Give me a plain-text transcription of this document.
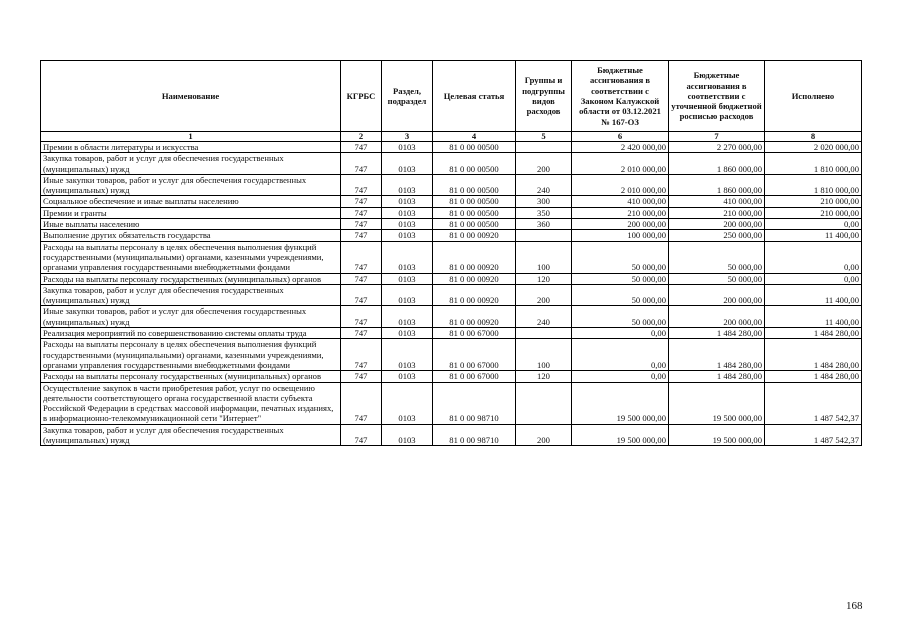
Наименование	КГРБС	Раздел, подраздел	Целевая статья	Группы и подгруппы видов расходов	Бюджетные ассигнования в соответствии с Законом Калужской области от 03.12.2021 № 167-ОЗ	Бюджетные ассигнования в соответствии с уточненной бюджетной росписью расходов	Исполнено
1	2	3	4	5	6	7	8
Премии в области литературы и искусства	747	0103	81 0 00 00500		2 420 000,00	2 270 000,00	2 020 000,00
Закупка товаров, работ и услуг для обеспечения государственных (муниципальных) нужд	747	0103	81 0 00 00500	200	2 010 000,00	1 860 000,00	1 810 000,00
Иные закупки товаров, работ и услуг для обеспечения государственных (муниципальных) нужд	747	0103	81 0 00 00500	240	2 010 000,00	1 860 000,00	1 810 000,00
Социальное обеспечение и иные выплаты населению	747	0103	81 0 00 00500	300	410 000,00	410 000,00	210 000,00
Премии и гранты	747	0103	81 0 00 00500	350	210 000,00	210 000,00	210 000,00
Иные выплаты населению	747	0103	81 0 00 00500	360	200 000,00	200 000,00	0,00
Выполнение других обязательств государства	747	0103	81 0 00 00920		100 000,00	250 000,00	11 400,00
Расходы на выплаты персоналу в целях обеспечения выполнения функций государственными (муниципальными) органами, казенными учреждениями, органами управления государственными внебюджетными фондами	747	0103	81 0 00 00920	100	50 000,00	50 000,00	0,00
Расходы на выплаты персоналу государственных (муниципальных) органов	747	0103	81 0 00 00920	120	50 000,00	50 000,00	0,00
Закупка товаров, работ и услуг для обеспечения государственных (муниципальных) нужд	747	0103	81 0 00 00920	200	50 000,00	200 000,00	11 400,00
Иные закупки товаров, работ и услуг для обеспечения государственных (муниципальных) нужд	747	0103	81 0 00 00920	240	50 000,00	200 000,00	11 400,00
Реализация мероприятий по совершенствованию системы оплаты труда	747	0103	81 0 00 67000		0,00	1 484 280,00	1 484 280,00
Расходы на выплаты персоналу в целях обеспечения выполнения функций государственными (муниципальными) органами, казенными учреждениями, органами управления государственными внебюджетными фондами	747	0103	81 0 00 67000	100	0,00	1 484 280,00	1 484 280,00
Расходы на выплаты персоналу государственных (муниципальных) органов	747	0103	81 0 00 67000	120	0,00	1 484 280,00	1 484 280,00
Осуществление закупок в части приобретения работ, услуг по освещению деятельности соответствующего органа государственной власти субъекта Российской Федерации в средствах массовой информации, печатных изданиях, в информационно-телекоммуникационной сети "Интернет"	747	0103	81 0 00 98710		19 500 000,00	19 500 000,00	1 487 542,37
Закупка товаров, работ и услуг для обеспечения государственных (муниципальных) нужд	747	0103	81 0 00 98710	200	19 500 000,00	19 500 000,00	1 487 542,37
168
